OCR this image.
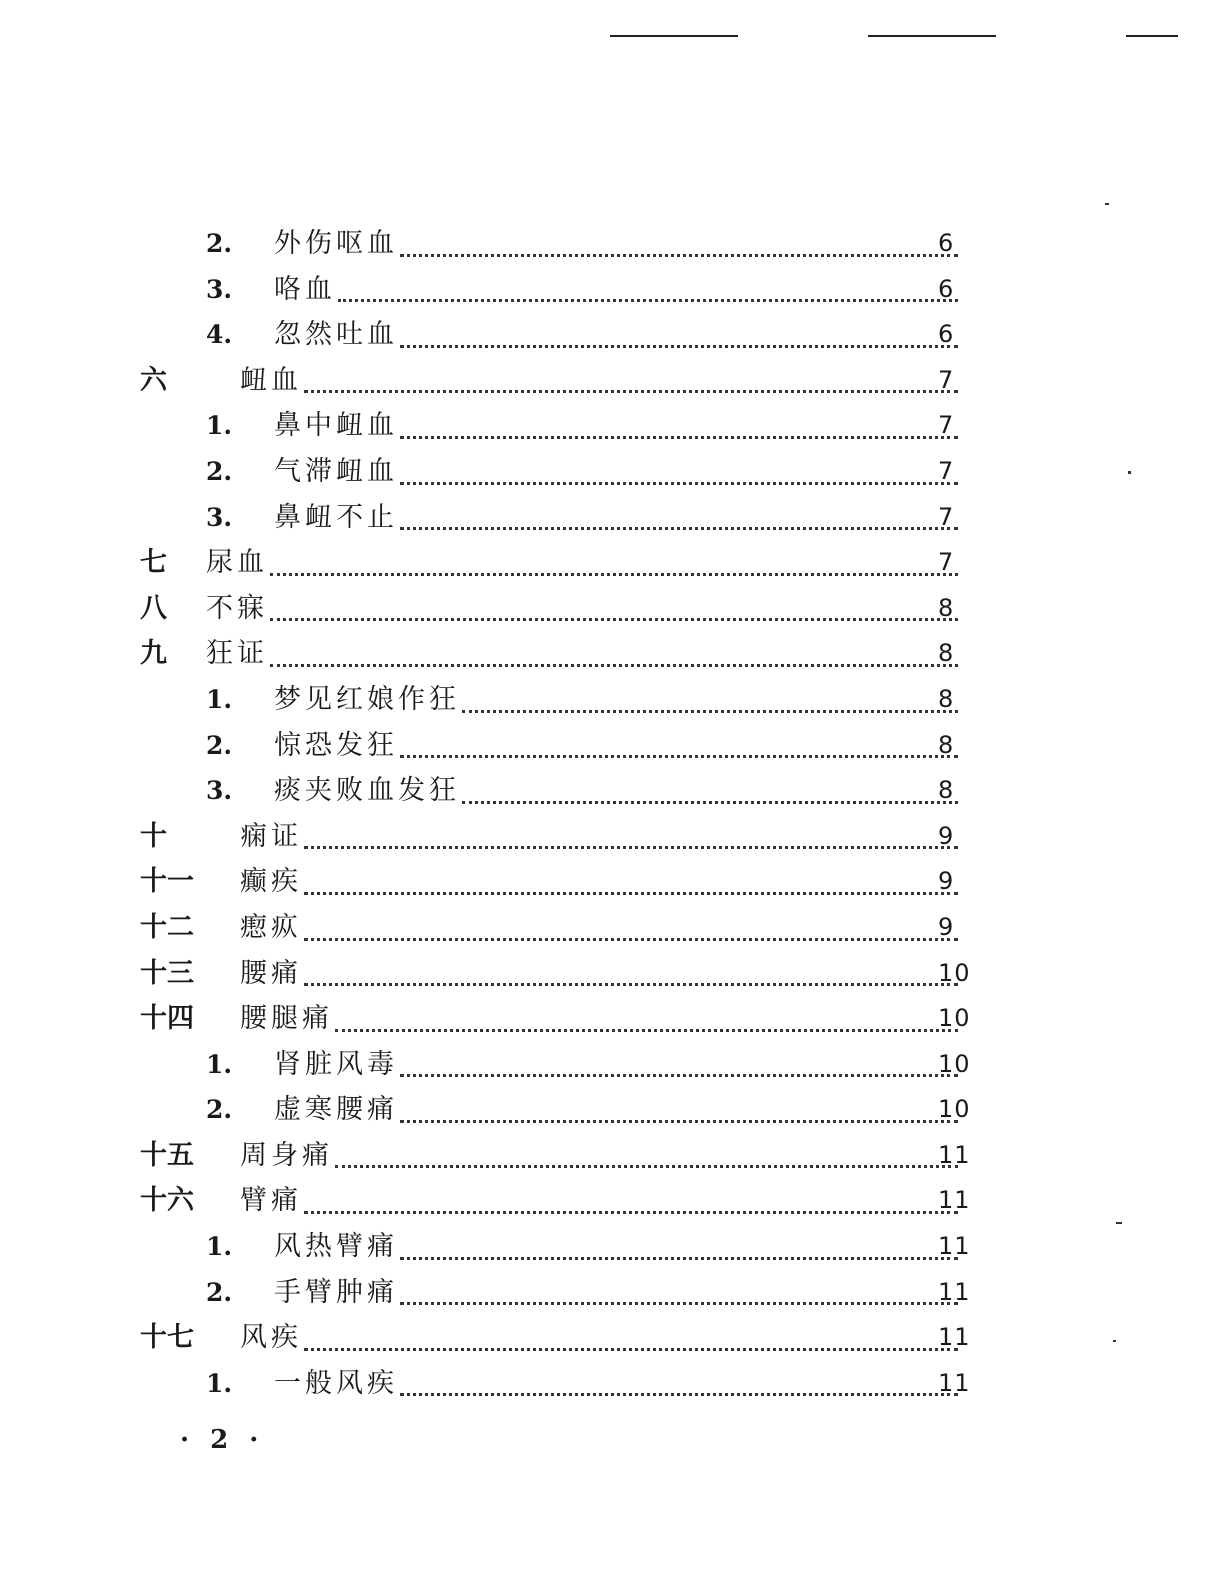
2. 外伤呕血	6
3. 咯血	6
4. 忽然吐血	6
六	衄血	7
1. 鼻中衄血	7
2. 气滞衄血	7
3. 鼻衄不止	7
七 尿血	7
八 不寐	8
九 狂证	8
1. 梦见红娘作狂	8
2. 惊恐发狂	8
3. 痰夹败血发狂	8
十	痫证	9
十一 癫疾	9
十二 瘛疭	9
十三 腰痛	10
十四 腰腿痛	10
1. 肾脏风毒	10
2. 虚寒腰痛	10
十五 周身痛	11
十六 臂痛	11
1. 风热臂痛	11
2. 手臂肿痛	11
十七 风疾	11
1. 一般风疾	11
· 2 ·
